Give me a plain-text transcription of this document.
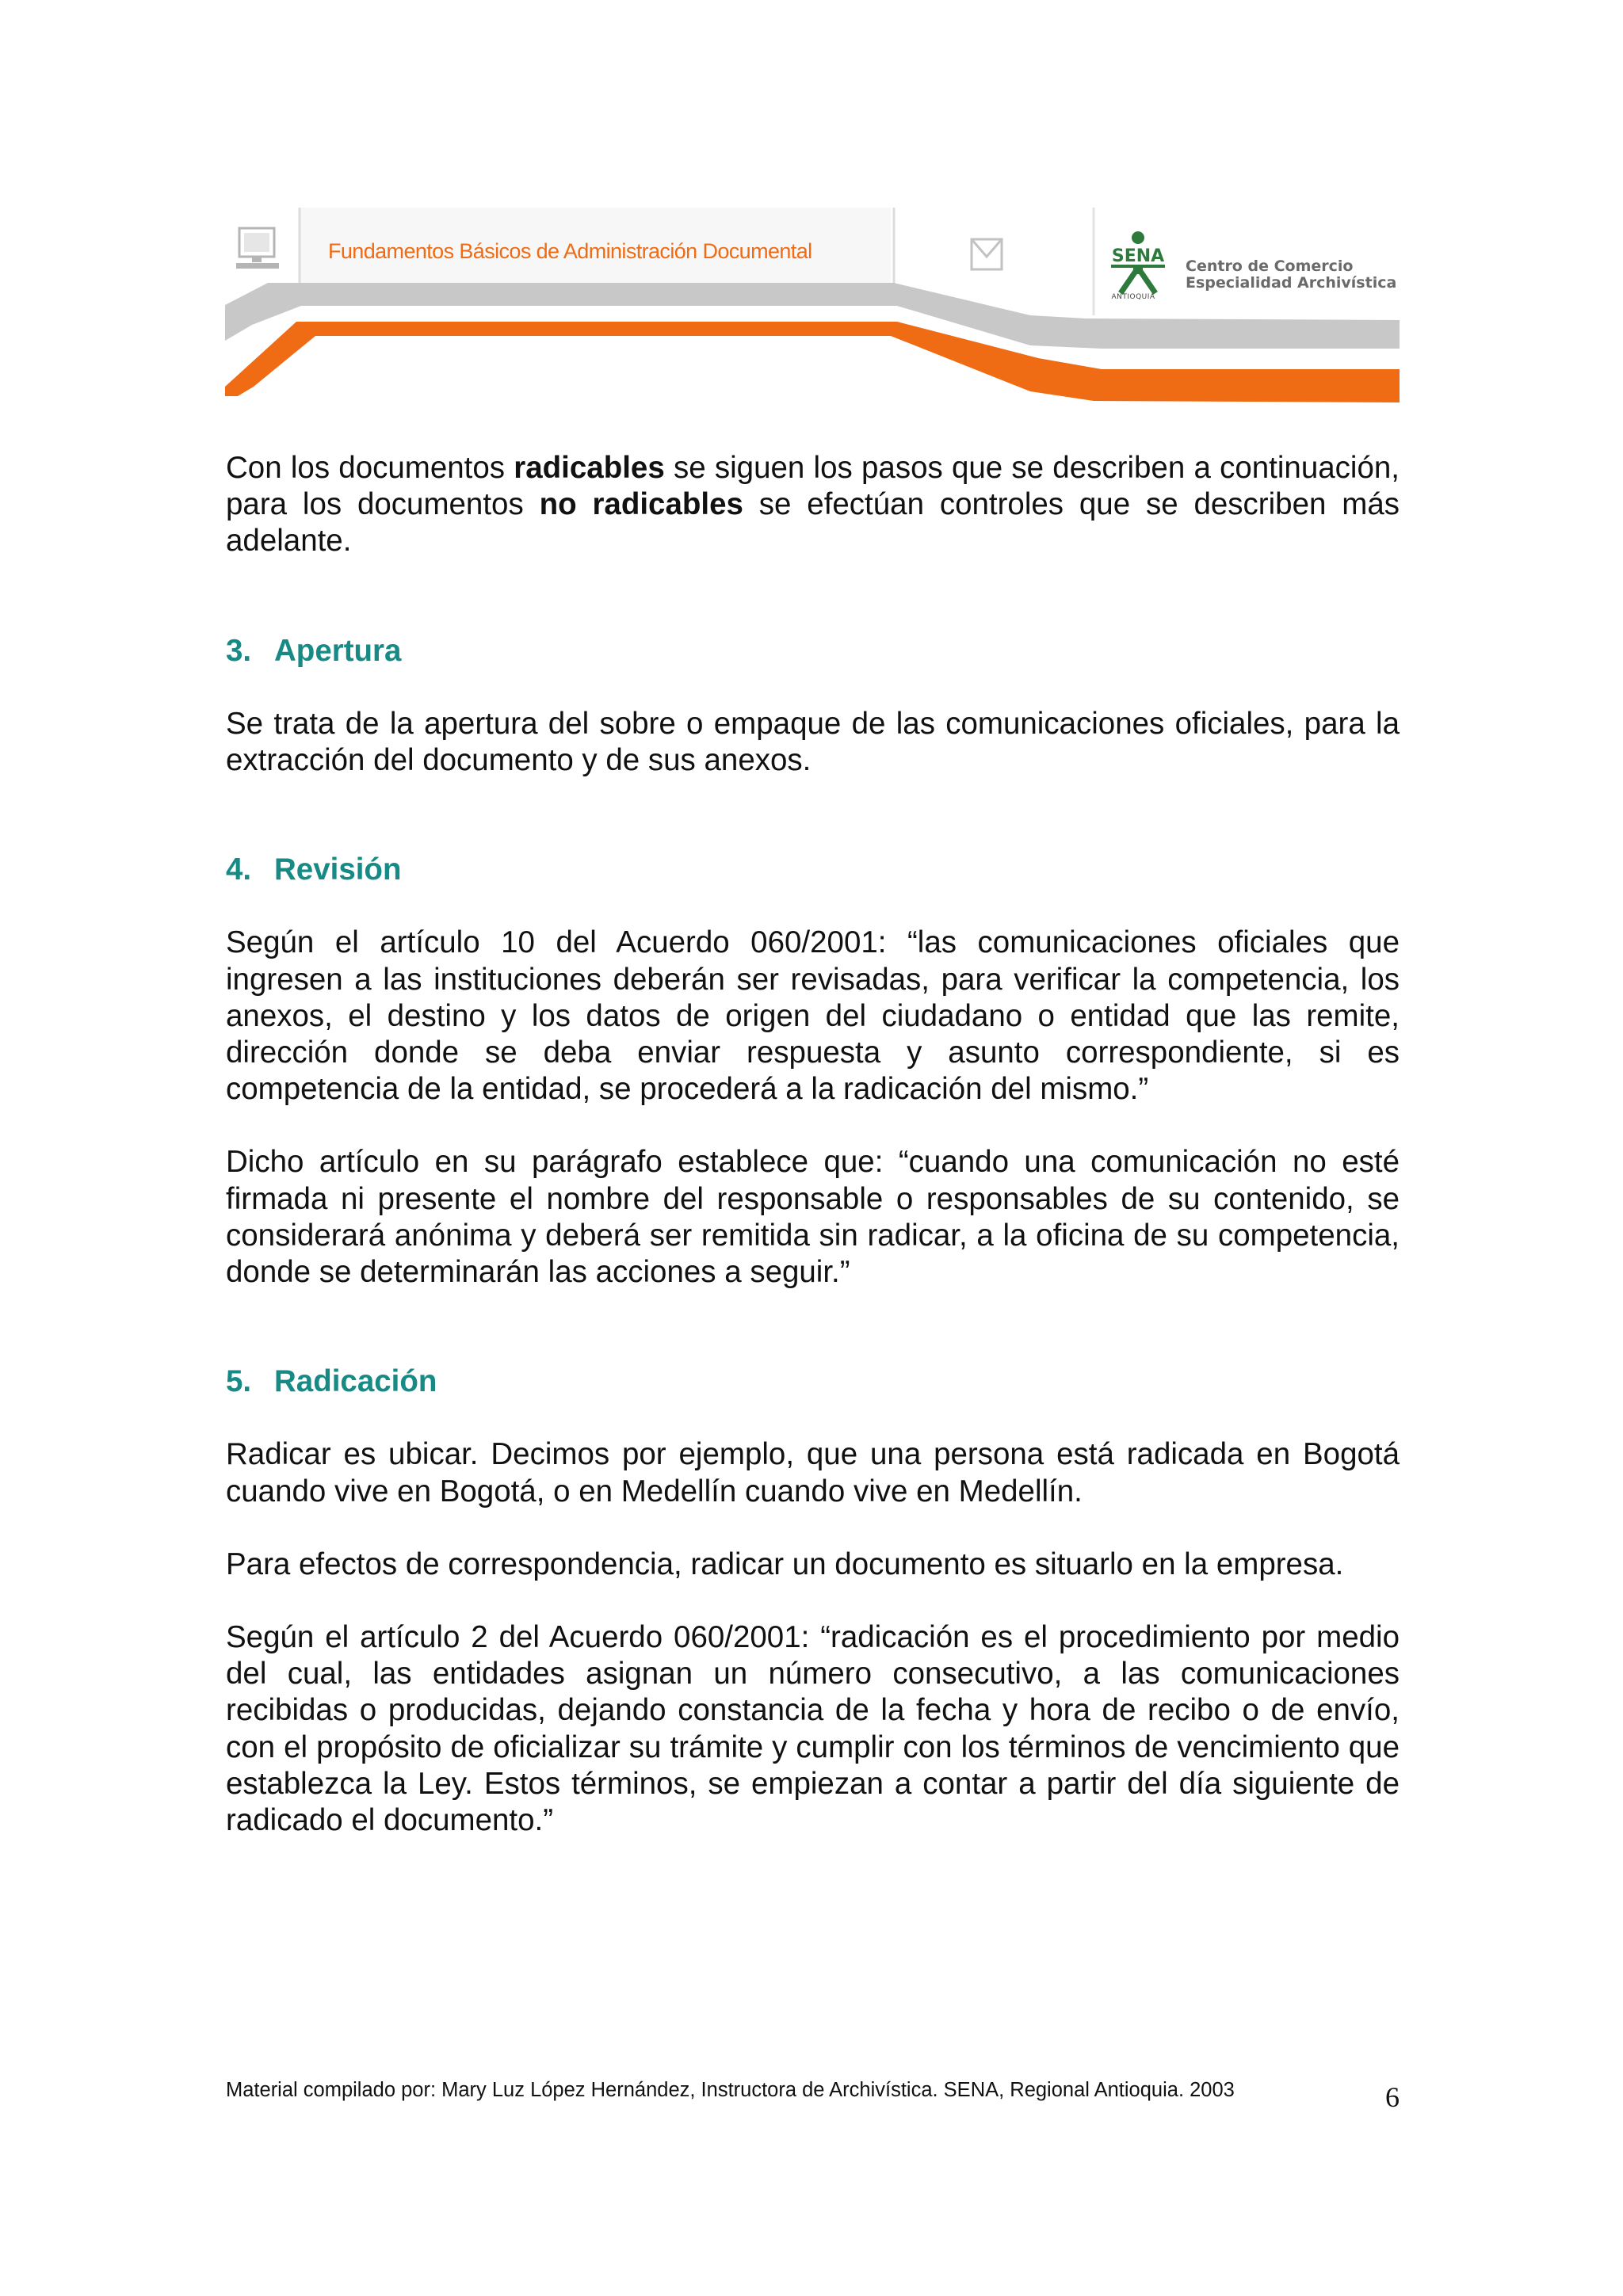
Fundamentos Básicos de Administración Documental	SENA
ANTIOQUIA
Centro de Comercio
Especialidad Archivística

Con los documentos radicables se siguen los pasos que se describen a continuación, para los documentos no radicables se efectúan controles que se describen más adelante.

3. Apertura

Se trata de la apertura del sobre o empaque de las comunicaciones oficiales, para la extracción del documento y de sus anexos.

4. Revisión

Según el artículo 10 del Acuerdo 060/2001: “las comunicaciones oficiales que ingresen a las instituciones deberán ser revisadas, para verificar la competencia, los anexos, el destino y los datos de origen del ciudadano o entidad que las remite, dirección donde se deba enviar respuesta y asunto correspondiente, si es competencia de la entidad, se procederá a la radicación del mismo.”

Dicho artículo en su parágrafo establece que: “cuando una comunicación no esté firmada ni presente el nombre del responsable o responsables de su contenido, se considerará anónima y deberá ser remitida sin radicar, a la oficina de su competencia, donde se determinarán las acciones a seguir.”

5. Radicación

Radicar es ubicar. Decimos por ejemplo, que una persona está radicada en Bogotá cuando vive en Bogotá, o en Medellín cuando vive en Medellín.

Para efectos de correspondencia, radicar un documento es situarlo en la empresa.

Según el artículo 2 del Acuerdo 060/2001: “radicación es el procedimiento por medio del cual, las entidades asignan un número consecutivo, a las comunicaciones recibidas o producidas, dejando constancia de la fecha y hora de recibo o de envío, con el propósito de oficializar su trámite y cumplir con los términos de vencimiento que establezca la Ley. Estos términos, se empiezan a contar a partir del día siguiente de radicado el documento.”

Material compilado por: Mary Luz López Hernández, Instructora de Archivística. SENA, Regional Antioquia. 2003	6
